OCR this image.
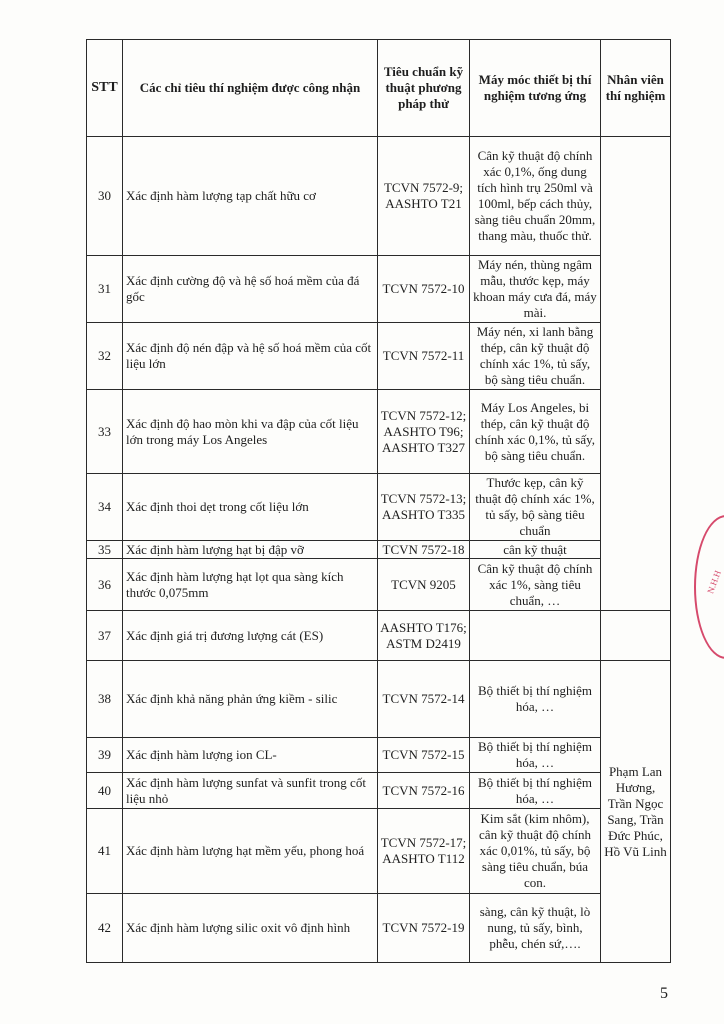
STT	Các chỉ tiêu thí nghiệm được công nhận	Tiêu chuẩn kỹ thuật phương pháp thử	Máy móc thiết bị thí nghiệm tương ứng	Nhân viên thí nghiệm
30	Xác định hàm lượng tạp chất hữu cơ	TCVN 7572-9; AASHTO T21	Cân kỹ thuật độ chính xác 0,1%, ống dung tích hình trụ 250ml và 100ml, bếp cách thủy, sàng tiêu chuẩn 20mm, thang màu, thuốc thử.	
31	Xác định cường độ và hệ số hoá mềm của đá gốc	TCVN 7572-10	Máy nén, thùng ngâm mẫu, thước kẹp, máy khoan máy cưa đá, máy mài.	
32	Xác định độ nén đập và hệ số hoá mềm của cốt liệu lớn	TCVN 7572-11	Máy nén, xi lanh bằng thép, cân kỹ thuật độ chính xác 1%, tủ sấy, bộ sàng tiêu chuẩn.	
33	Xác định độ hao mòn khi va đập của cốt liệu lớn trong máy Los Angeles	TCVN 7572-12; AASHTO T96; AASHTO T327	Máy Los Angeles, bi thép, cân kỹ thuật độ chính xác 0,1%, tủ sấy, bộ sàng tiêu chuẩn.	
34	Xác định thoi dẹt trong cốt liệu lớn	TCVN 7572-13; AASHTO T335	Thước kẹp, cân kỹ thuật độ chính xác 1%, tủ sấy, bộ sàng tiêu chuẩn	
35	Xác định hàm lượng hạt bị đập vỡ	TCVN 7572-18	cân kỹ thuật	
36	Xác định hàm lượng hạt lọt qua sàng kích thước 0,075mm	TCVN 9205	Cân kỹ thuật độ chính xác 1%, sàng tiêu chuẩn, …	
37	Xác định giá trị đương lượng cát (ES)	AASHTO T176; ASTM D2419		
38	Xác định khả năng phản ứng kiềm - silic	TCVN 7572-14	Bộ thiết bị thí nghiệm hóa, …	Phạm Lan Hương, Trần Ngọc Sang, Trần Đức Phúc, Hồ Vũ Linh
39	Xác định hàm lượng ion CL-	TCVN 7572-15	Bộ thiết bị thí nghiệm hóa, …	
40	Xác định hàm lượng sunfat và sunfit trong cốt liệu nhỏ	TCVN 7572-16	Bộ thiết bị thí nghiệm hóa, …	
41	Xác định hàm lượng hạt mềm yếu, phong hoá	TCVN 7572-17; AASHTO T112	Kim sắt (kim nhôm), cân kỹ thuật độ chính xác 0,01%, tủ sấy, bộ sàng tiêu chuẩn, búa con.	
42	Xác định hàm lượng silic oxit vô định hình	TCVN 7572-19	sàng, cân kỹ thuật, lò nung, tủ sấy, bình, phễu, chén sứ,….	
N.H.H
5
